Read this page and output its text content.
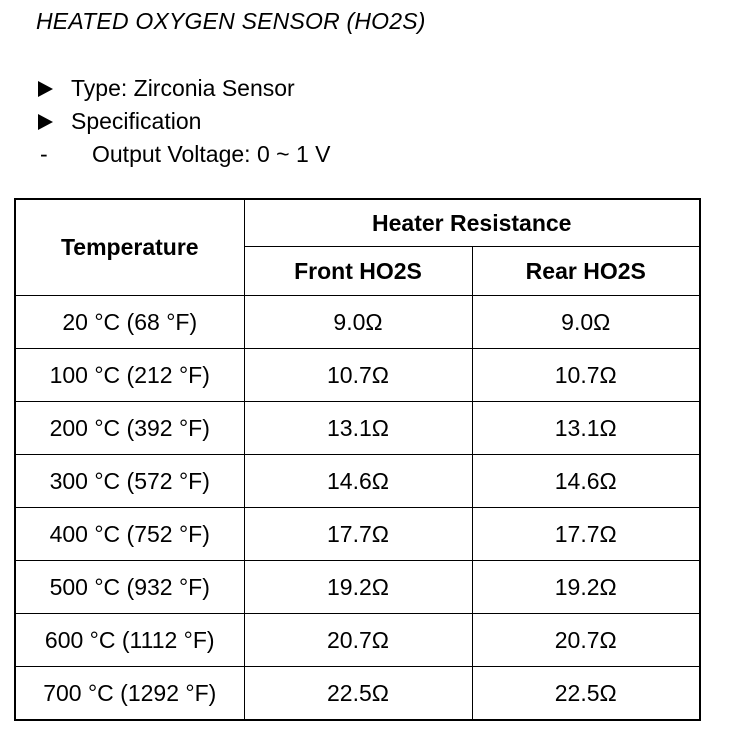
HEATED OXYGEN SENSOR (HO2S)
Type: Zirconia Sensor
Specification
-	Output Voltage: 0 ~ 1 V
Temperature	Heater Resistance	
	Front HO2S	Rear HO2S
20 °C (68 °F)	9.0Ω	9.0Ω
100 °C (212 °F)	10.7Ω	10.7Ω
200 °C (392 °F)	13.1Ω	13.1Ω
300 °C (572 °F)	14.6Ω	14.6Ω
400 °C (752 °F)	17.7Ω	17.7Ω
500 °C (932 °F)	19.2Ω	19.2Ω
600 °C (1112 °F)	20.7Ω	20.7Ω
700 °C (1292 °F)	22.5Ω	22.5Ω
